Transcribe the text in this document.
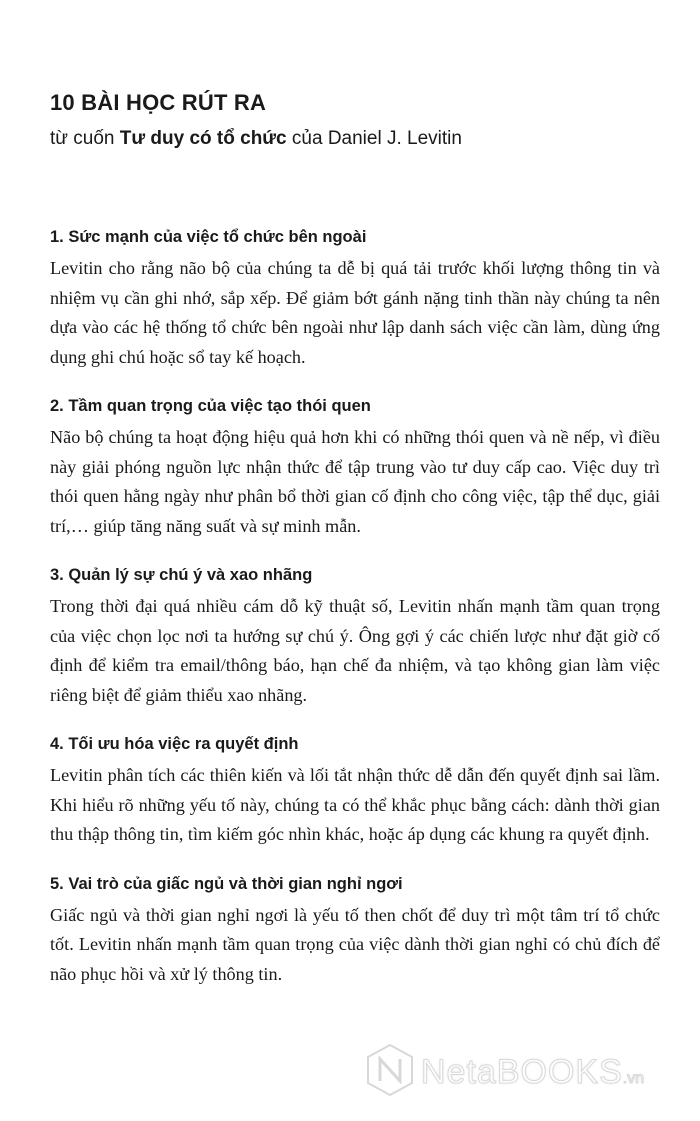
10 BÀI HỌC RÚT RA
từ cuốn Tư duy có tổ chức của Daniel J. Levitin
1. Sức mạnh của việc tổ chức bên ngoài

Levitin cho rằng não bộ của chúng ta dễ bị quá tải trước khối lượng thông tin và nhiệm vụ cần ghi nhớ, sắp xếp. Để giảm bớt gánh nặng tinh thần này chúng ta nên dựa vào các hệ thống tổ chức bên ngoài như lập danh sách việc cần làm, dùng ứng dụng ghi chú hoặc sổ tay kế hoạch.

2. Tầm quan trọng của việc tạo thói quen

Não bộ chúng ta hoạt động hiệu quả hơn khi có những thói quen và nề nếp, vì điều này giải phóng nguồn lực nhận thức để tập trung vào tư duy cấp cao. Việc duy trì thói quen hằng ngày như phân bổ thời gian cố định cho công việc, tập thể dục, giải trí,… giúp tăng năng suất và sự minh mẫn.

3. Quản lý sự chú ý và xao nhãng

Trong thời đại quá nhiều cám dỗ kỹ thuật số, Levitin nhấn mạnh tầm quan trọng của việc chọn lọc nơi ta hướng sự chú ý. Ông gợi ý các chiến lược như đặt giờ cố định để kiểm tra email/thông báo, hạn chế đa nhiệm, và tạo không gian làm việc riêng biệt để giảm thiểu xao nhãng.

4. Tối ưu hóa việc ra quyết định

Levitin phân tích các thiên kiến và lối tắt nhận thức dễ dẫn đến quyết định sai lầm. Khi hiểu rõ những yếu tố này, chúng ta có thể khắc phục bằng cách: dành thời gian thu thập thông tin, tìm kiếm góc nhìn khác, hoặc áp dụng các khung ra quyết định.

5. Vai trò của giấc ngủ và thời gian nghỉ ngơi

Giấc ngủ và thời gian nghỉ ngơi là yếu tố then chốt để duy trì một tâm trí tổ chức tốt. Levitin nhấn mạnh tầm quan trọng của việc dành thời gian nghỉ có chủ đích để não phục hồi và xử lý thông tin.

NetaBOOKS.vn
